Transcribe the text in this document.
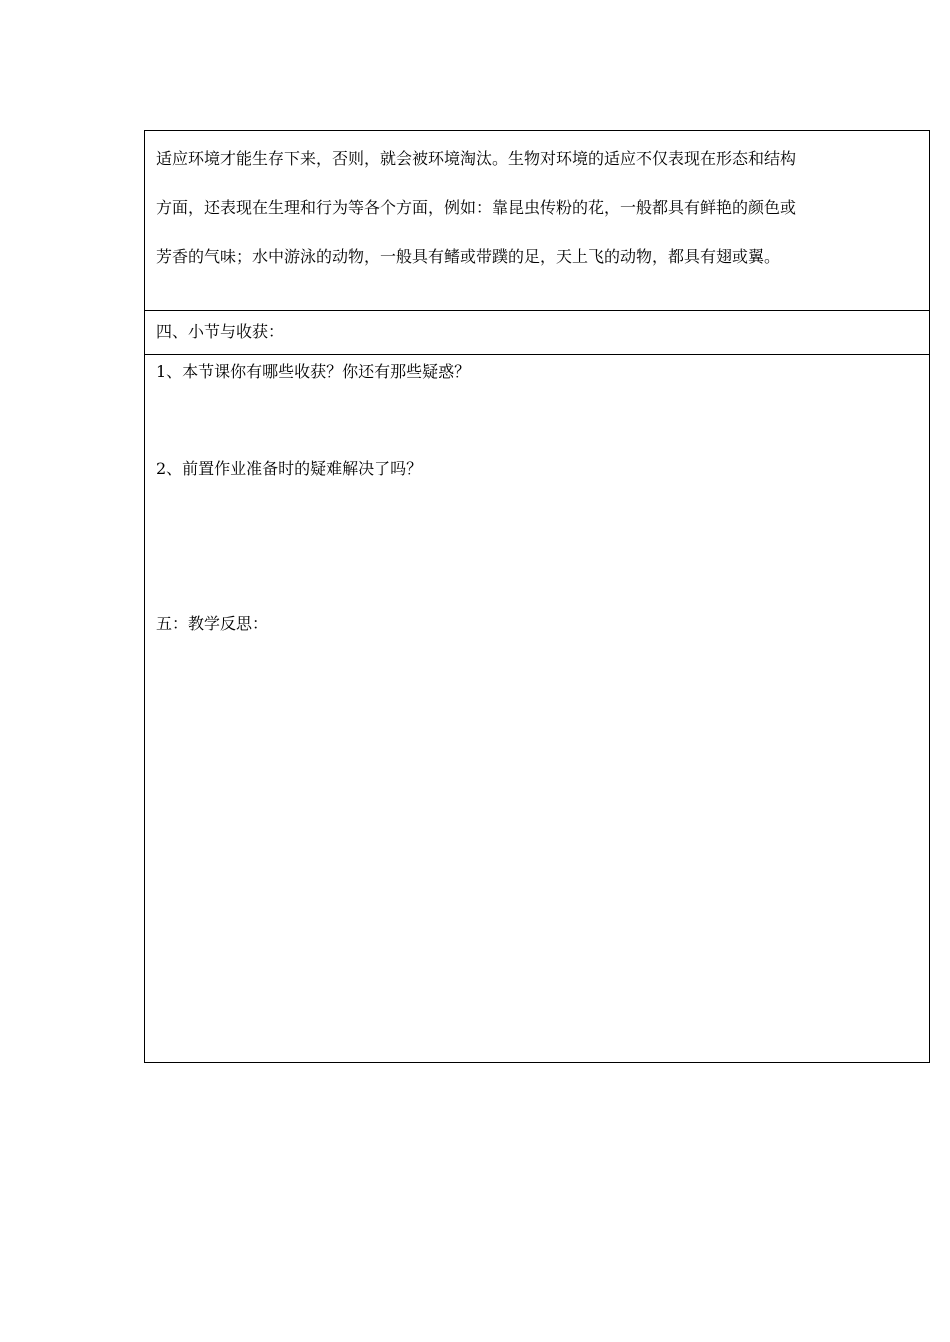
适应环境才能生存下来，否则，就会被环境淘汰。生物对环境的适应不仅表现在形态和结构

方面，还表现在生理和行为等各个方面，例如：靠昆虫传粉的花，一般都具有鲜艳的颜色或

芳香的气味；水中游泳的动物，一般具有鳍或带蹼的足，天上飞的动物，都具有翅或翼。

四、小节与收获：
1、本节课你有哪些收获？你还有那些疑惑？
2、前置作业准备时的疑难解决了吗？
五：教学反思：
